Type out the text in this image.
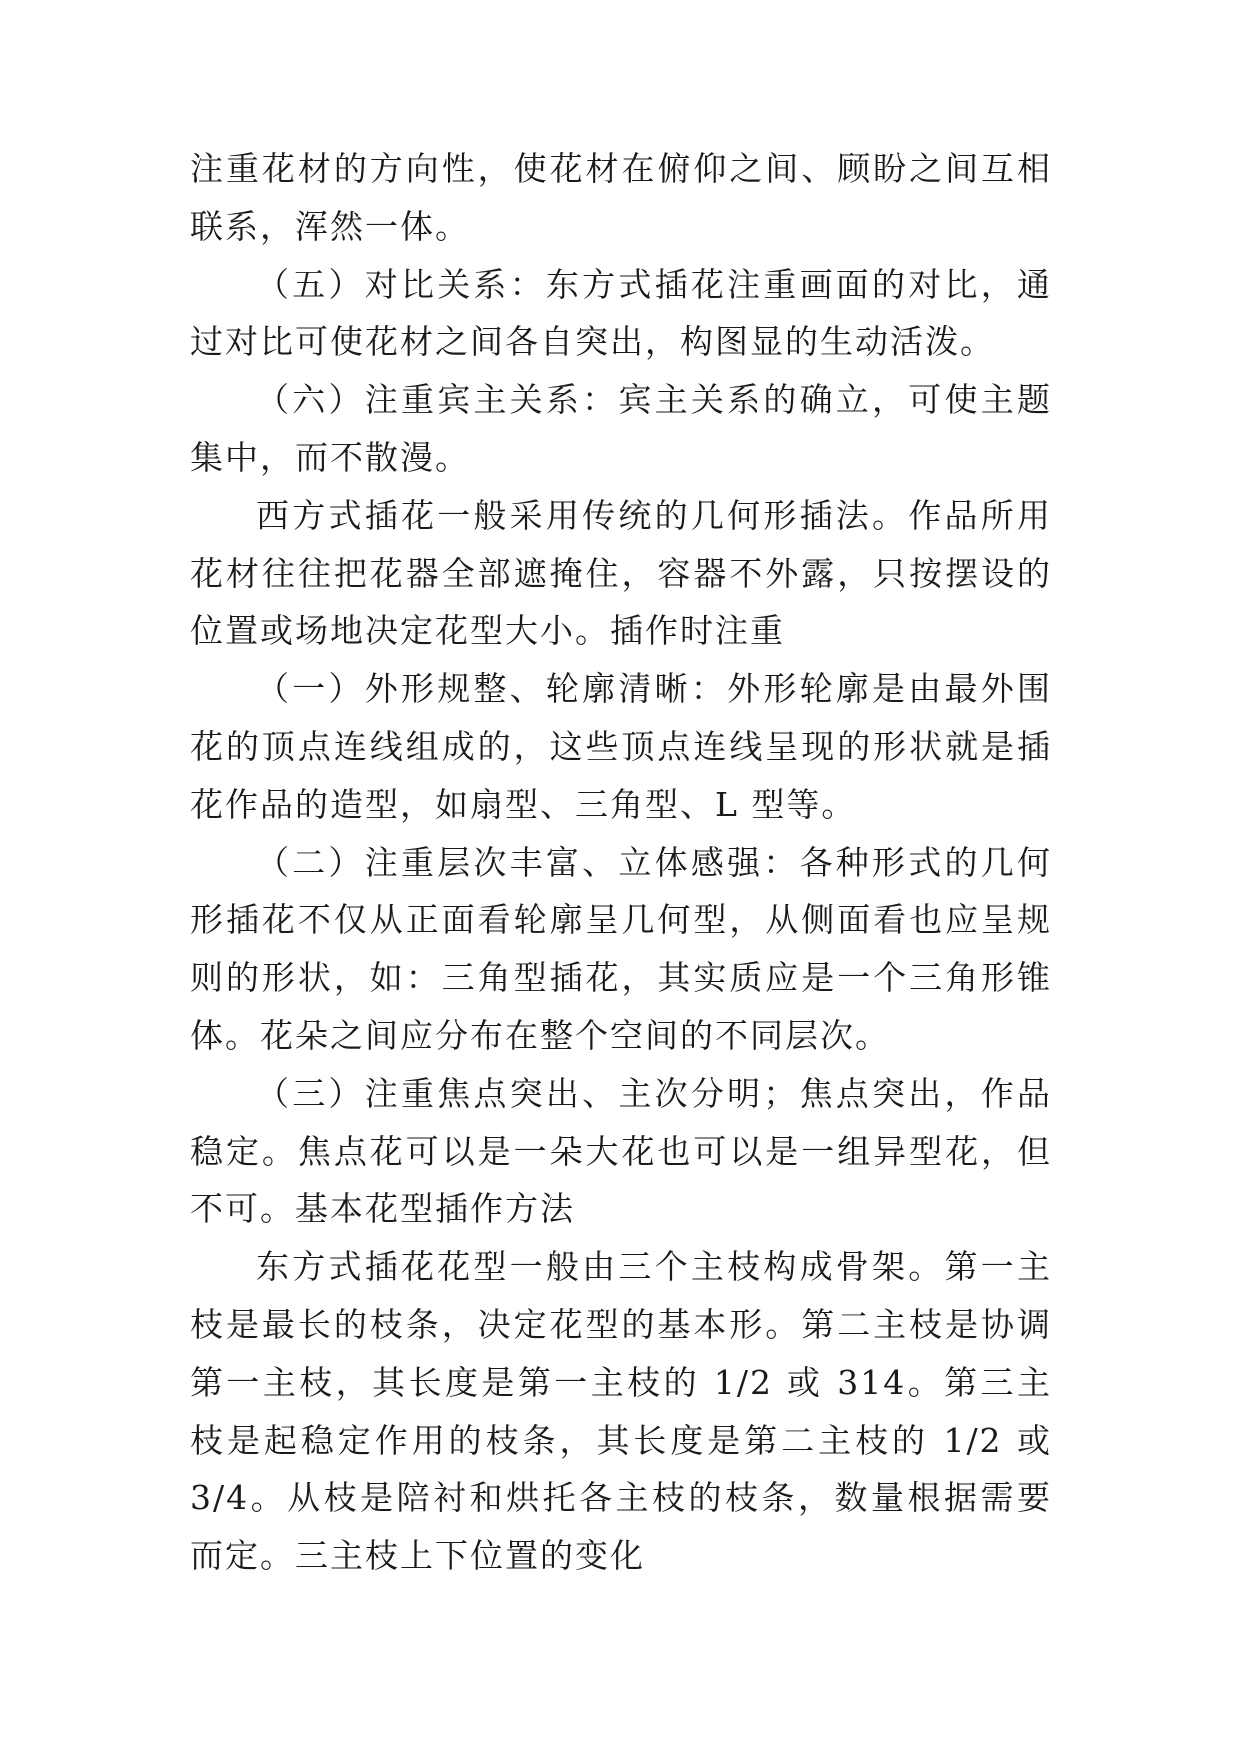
注重花材的方向性，使花材在俯仰之间、顾盼之间互相联系，浑然一体。

（五）对比关系：东方式插花注重画面的对比，通过对比可使花材之间各自突出，构图显的生动活泼。

（六）注重宾主关系：宾主关系的确立，可使主题集中，而不散漫。

西方式插花一般采用传统的几何形插法。作品所用花材往往把花器全部遮掩住，容器不外露，只按摆设的位置或场地决定花型大小。插作时注重

（一）外形规整、轮廓清晰：外形轮廓是由最外围花的顶点连线组成的，这些顶点连线呈现的形状就是插花作品的造型，如扇型、三角型、L 型等。

（二）注重层次丰富、立体感强：各种形式的几何形插花不仅从正面看轮廓呈几何型，从侧面看也应呈规则的形状，如：三角型插花，其实质应是一个三角形锥体。花朵之间应分布在整个空间的不同层次。

（三）注重焦点突出、主次分明；焦点突出，作品稳定。焦点花可以是一朵大花也可以是一组异型花，但不可。基本花型插作方法

东方式插花花型一般由三个主枝构成骨架。第一主枝是最长的枝条，决定花型的基本形。第二主枝是协调第一主枝，其长度是第一主枝的 1/2 或 314。第三主枝是起稳定作用的枝条，其长度是第二主枝的 1/2 或 3/4。从枝是陪衬和烘托各主枝的枝条，数量根据需要而定。三主枝上下位置的变化
